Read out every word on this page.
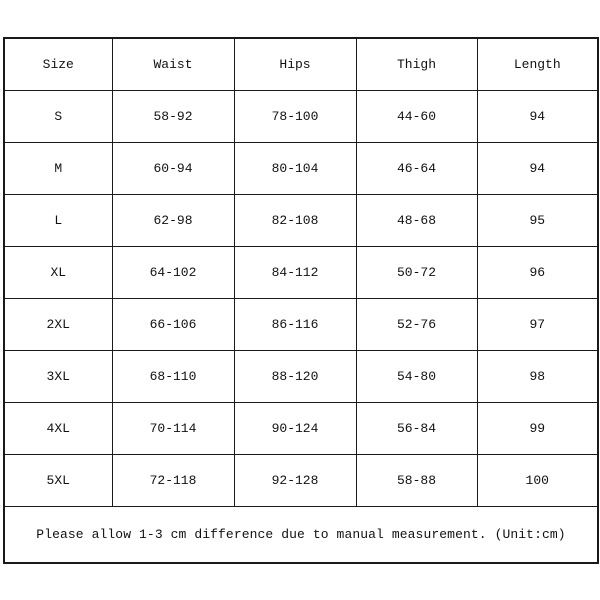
Size	Waist	Hips	Thigh	Length
S	58-92	78-100	44-60	94
M	60-94	80-104	46-64	94
L	62-98	82-108	48-68	95
XL	64-102	84-112	50-72	96
2XL	66-106	86-116	52-76	97
3XL	68-110	88-120	54-80	98
4XL	70-114	90-124	56-84	99
5XL	72-118	92-128	58-88	100
Please allow 1-3 cm difference due to manual measurement. (Unit:cm)				
